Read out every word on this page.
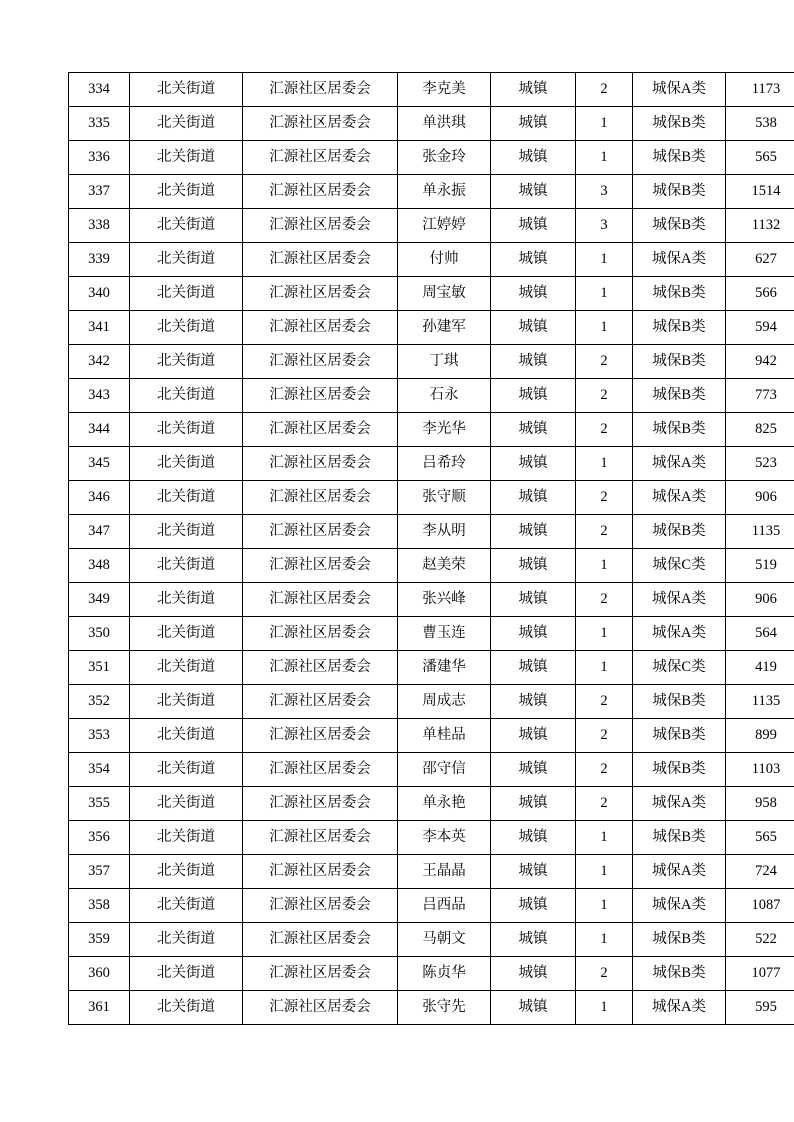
334	北关街道	汇源社区居委会	李克美	城镇	2	城保A类	1173
335	北关街道	汇源社区居委会	单洪琪	城镇	1	城保B类	538
336	北关街道	汇源社区居委会	张金玲	城镇	1	城保B类	565
337	北关街道	汇源社区居委会	单永振	城镇	3	城保B类	1514
338	北关街道	汇源社区居委会	江婷婷	城镇	3	城保B类	1132
339	北关街道	汇源社区居委会	付帅	城镇	1	城保A类	627
340	北关街道	汇源社区居委会	周宝敏	城镇	1	城保B类	566
341	北关街道	汇源社区居委会	孙建军	城镇	1	城保B类	594
342	北关街道	汇源社区居委会	丁琪	城镇	2	城保B类	942
343	北关街道	汇源社区居委会	石永	城镇	2	城保B类	773
344	北关街道	汇源社区居委会	李光华	城镇	2	城保B类	825
345	北关街道	汇源社区居委会	吕希玲	城镇	1	城保A类	523
346	北关街道	汇源社区居委会	张守顺	城镇	2	城保A类	906
347	北关街道	汇源社区居委会	李从明	城镇	2	城保B类	1135
348	北关街道	汇源社区居委会	赵美荣	城镇	1	城保C类	519
349	北关街道	汇源社区居委会	张兴峰	城镇	2	城保A类	906
350	北关街道	汇源社区居委会	曹玉连	城镇	1	城保A类	564
351	北关街道	汇源社区居委会	潘建华	城镇	1	城保C类	419
352	北关街道	汇源社区居委会	周成志	城镇	2	城保B类	1135
353	北关街道	汇源社区居委会	单桂品	城镇	2	城保B类	899
354	北关街道	汇源社区居委会	邵守信	城镇	2	城保B类	1103
355	北关街道	汇源社区居委会	单永艳	城镇	2	城保A类	958
356	北关街道	汇源社区居委会	李本英	城镇	1	城保B类	565
357	北关街道	汇源社区居委会	王晶晶	城镇	1	城保A类	724
358	北关街道	汇源社区居委会	吕西品	城镇	1	城保A类	1087
359	北关街道	汇源社区居委会	马朝文	城镇	1	城保B类	522
360	北关街道	汇源社区居委会	陈贞华	城镇	2	城保B类	1077
361	北关街道	汇源社区居委会	张守先	城镇	1	城保A类	595
